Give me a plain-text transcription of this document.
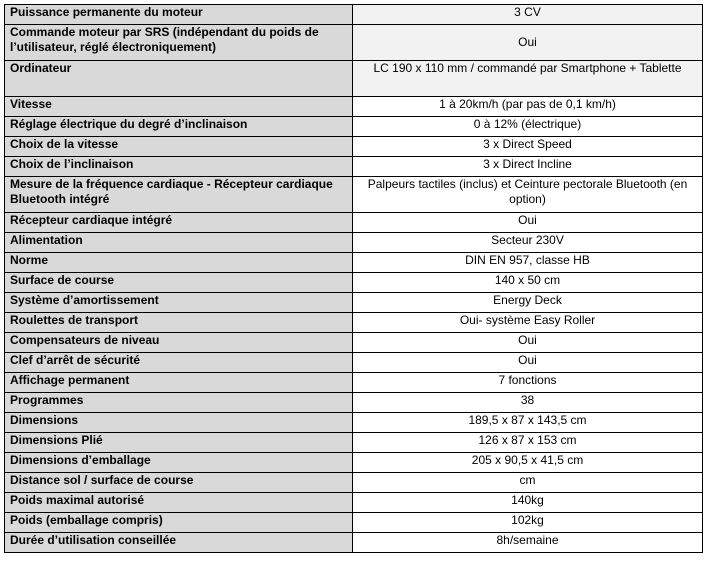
Puissance permanente du moteur	3 CV
Commande moteur par SRS (indépendant du poids de l’utilisateur, réglé électroniquement)	Oui
Ordinateur	LC 190 x 110 mm / commandé par Smartphone + Tablette
Vitesse	1 à 20km/h (par pas de 0,1 km/h)
Réglage électrique du degré d’inclinaison	0 à 12% (électrique)
Choix de la vitesse	3 x Direct Speed
Choix de l’inclinaison	3 x Direct Incline
Mesure de la fréquence cardiaque - Récepteur cardiaque Bluetooth intégré	Palpeurs tactiles (inclus) et Ceinture pectorale Bluetooth (en option)
Récepteur cardiaque intégré	Oui
Alimentation	Secteur 230V
Norme	DIN EN 957, classe HB
Surface de course	140 x 50 cm
Système d’amortissement	Energy Deck
Roulettes de transport	Oui- système Easy Roller
Compensateurs de niveau	Oui
Clef d’arrêt de sécurité	Oui
Affichage permanent	7 fonctions
Programmes	38
Dimensions	189,5 x 87 x 143,5 cm
Dimensions Plié	126 x 87 x 153 cm
Dimensions d’emballage	205 x 90,5 x 41,5 cm
Distance sol / surface de course	cm
Poids maximal autorisé	140kg
Poids (emballage compris)	102kg
Durée d’utilisation conseillée	8h/semaine
